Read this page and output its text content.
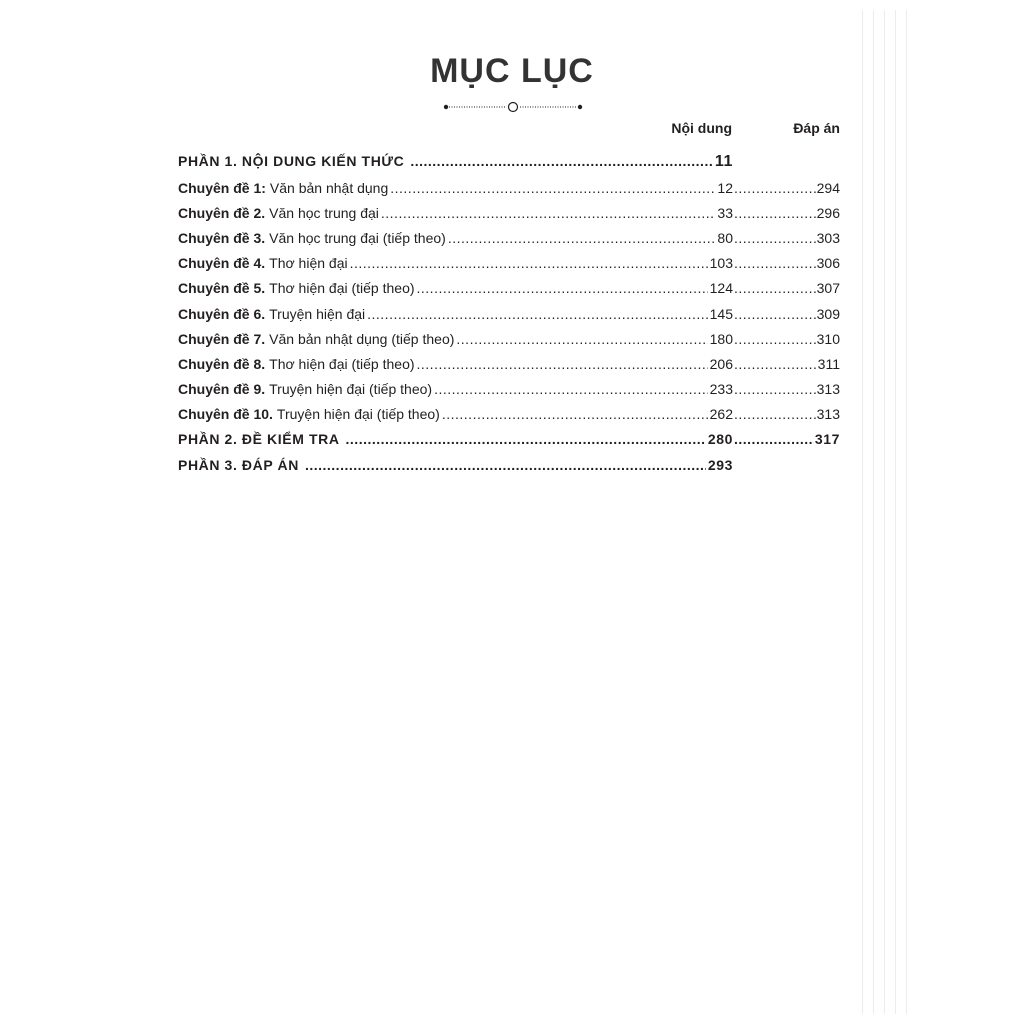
MỤC LỤC
Nội dung	Đáp án
PHẦN 1. NỘI DUNG KIẾN THỨC .....	11
Chuyên đề 1: Văn bản nhật dụng .....	12 .....	294
Chuyên đề 2. Văn học trung đại .....	33 .....	296
Chuyên đề 3. Văn học trung đại (tiếp theo) .....	80 .....	303
Chuyên đề 4. Thơ hiện đại .....	103 .....	306
Chuyên đề 5. Thơ hiện đại (tiếp theo) .....	124 .....	307
Chuyên đề 6. Truyện hiện đại .....	145 .....	309
Chuyên đề 7. Văn bản nhật dụng (tiếp theo) .....	180 .....	310
Chuyên đề 8. Thơ hiện đại (tiếp theo) .....	206 .....	311
Chuyên đề 9. Truyện hiện đại (tiếp theo) .....	233 .....	313
Chuyên đề 10. Truyện hiện đại (tiếp theo) .....	262 .....	313
PHẦN 2. ĐỀ KIỂM TRA .....	280 .....	317
PHẦN 3. ĐÁP ÁN .....	293
